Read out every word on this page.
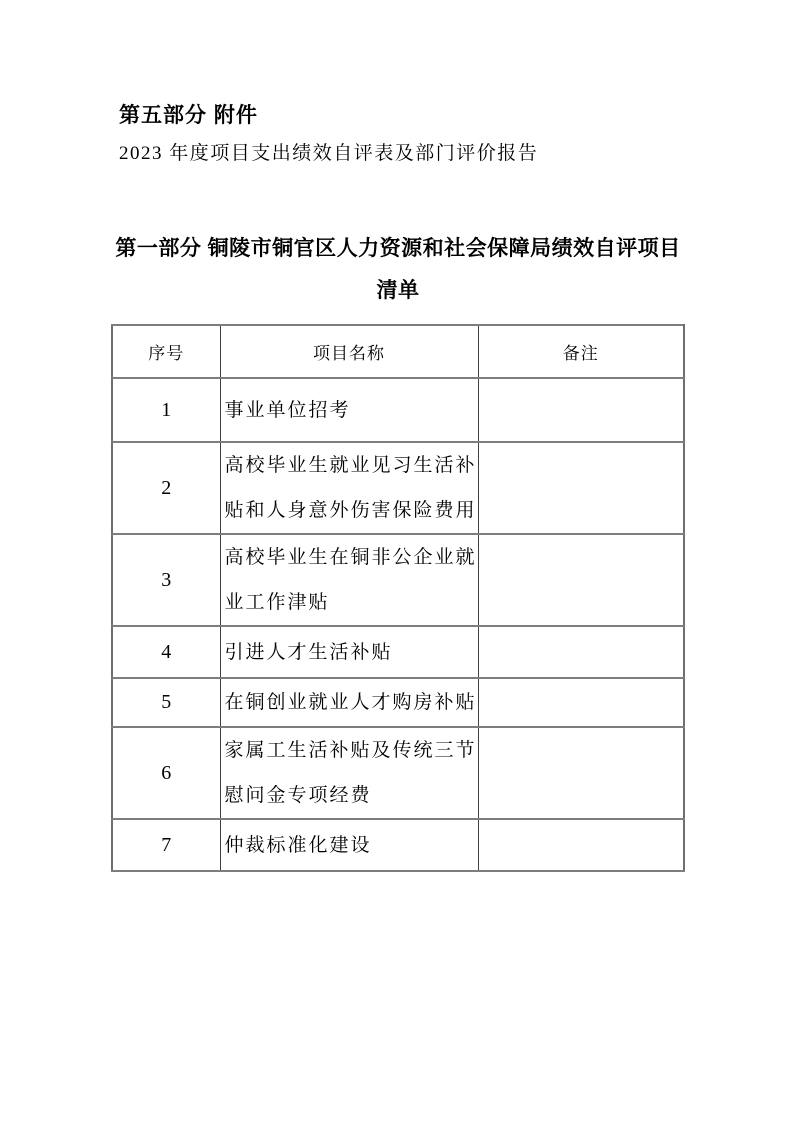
第五部分 附件
2023 年度项目支出绩效自评表及部门评价报告
第一部分 铜陵市铜官区人力资源和社会保障局绩效自评项目清单
序号	项目名称	备注
1	事业单位招考	
2	高校毕业生就业见习生活补贴和人身意外伤害保险费用	
3	高校毕业生在铜非公企业就业工作津贴	
4	引进人才生活补贴	
5	在铜创业就业人才购房补贴	
6	家属工生活补贴及传统三节慰问金专项经费	
7	仲裁标准化建设	
